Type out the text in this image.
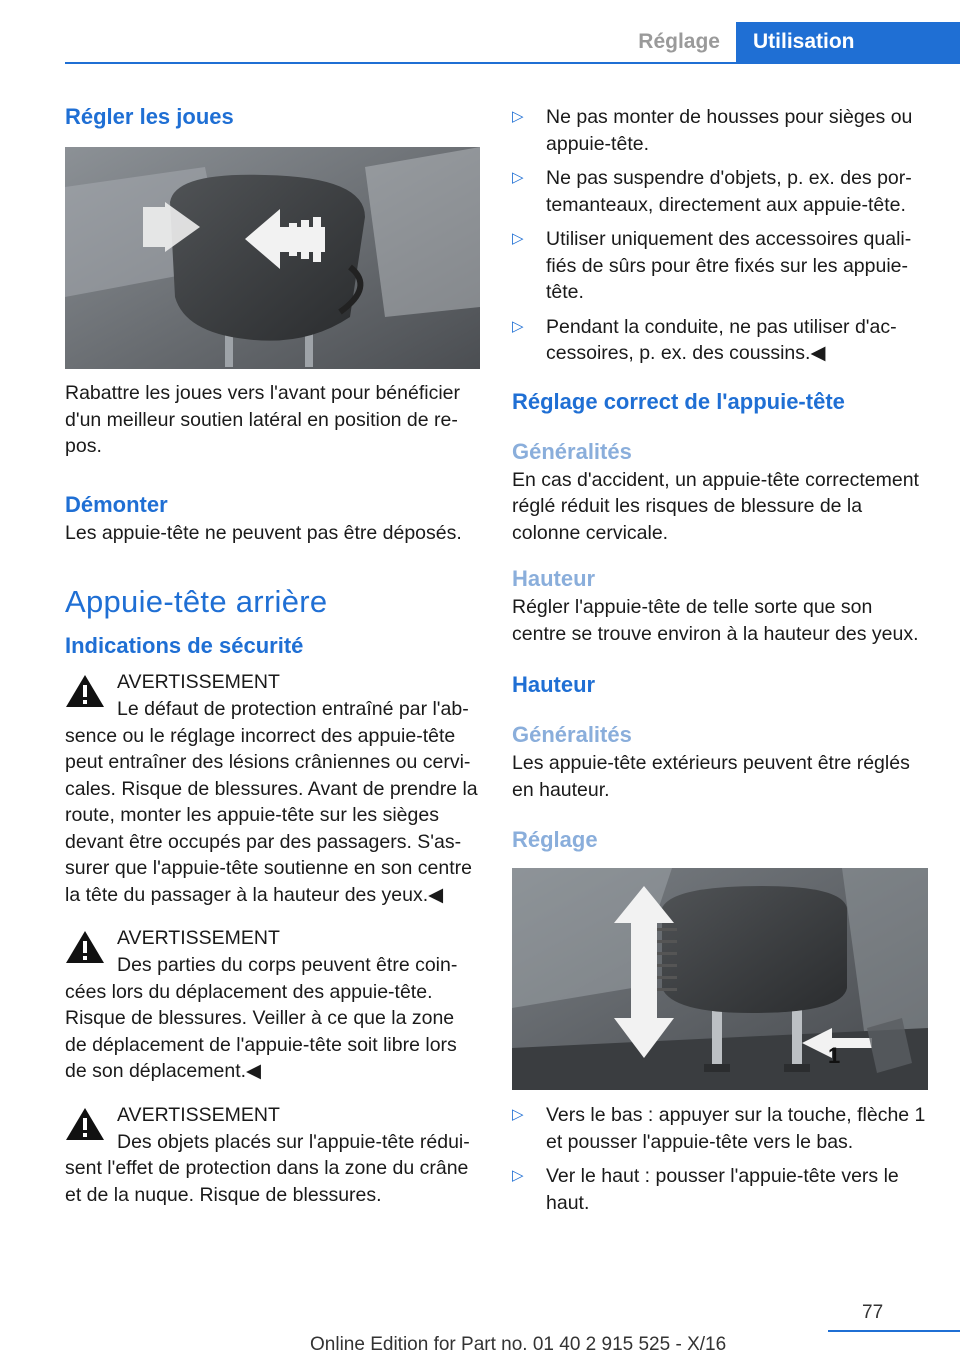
Réglage	Utilisation
Régler les joues
Rabattre les joues vers l'avant pour bénéficier d'un meilleur soutien latéral en position de repos.
Démonter
Les appuie-tête ne peuvent pas être déposés.
Appuie-tête arrière
Indications de sécurité
AVERTISSEMENT
Le défaut de protection entraîné par l'absence ou le réglage incorrect des appuie-tête peut entraîner des lésions crâniennes ou cervicales. Risque de blessures. Avant de prendre la route, monter les appuie-tête sur les sièges devant être occupés par des passagers. S'assurer que l'appuie-tête soutienne en son centre la tête du passager à la hauteur des yeux.◀
AVERTISSEMENT
Des parties du corps peuvent être coincées lors du déplacement des appuie-tête. Risque de blessures. Veiller à ce que la zone de déplacement de l'appuie-tête soit libre lors de son déplacement.◀
AVERTISSEMENT
Des objets placés sur l'appuie-tête réduisent l'effet de protection dans la zone du crâne et de la nuque. Risque de blessures.
▷ Ne pas monter de housses pour sièges ou appuie-tête.
▷ Ne pas suspendre d'objets, p. ex. des portemanteaux, directement aux appuie-tête.
▷ Utiliser uniquement des accessoires qualifiés de sûrs pour être fixés sur les appuie-tête.
▷ Pendant la conduite, ne pas utiliser d'accessoires, p. ex. des coussins.◀
Réglage correct de l'appuie-tête
Généralités
En cas d'accident, un appuie-tête correctement réglé réduit les risques de blessure de la colonne cervicale.
Hauteur
Régler l'appuie-tête de telle sorte que son centre se trouve environ à la hauteur des yeux.
Hauteur
Généralités
Les appuie-tête extérieurs peuvent être réglés en hauteur.
Réglage
1
▷ Vers le bas : appuyer sur la touche, flèche 1 et pousser l'appuie-tête vers le bas.
▷ Ver le haut : pousser l'appuie-tête vers le haut.
Online Edition for Part no. 01 40 2 915 525 - X/16
77
